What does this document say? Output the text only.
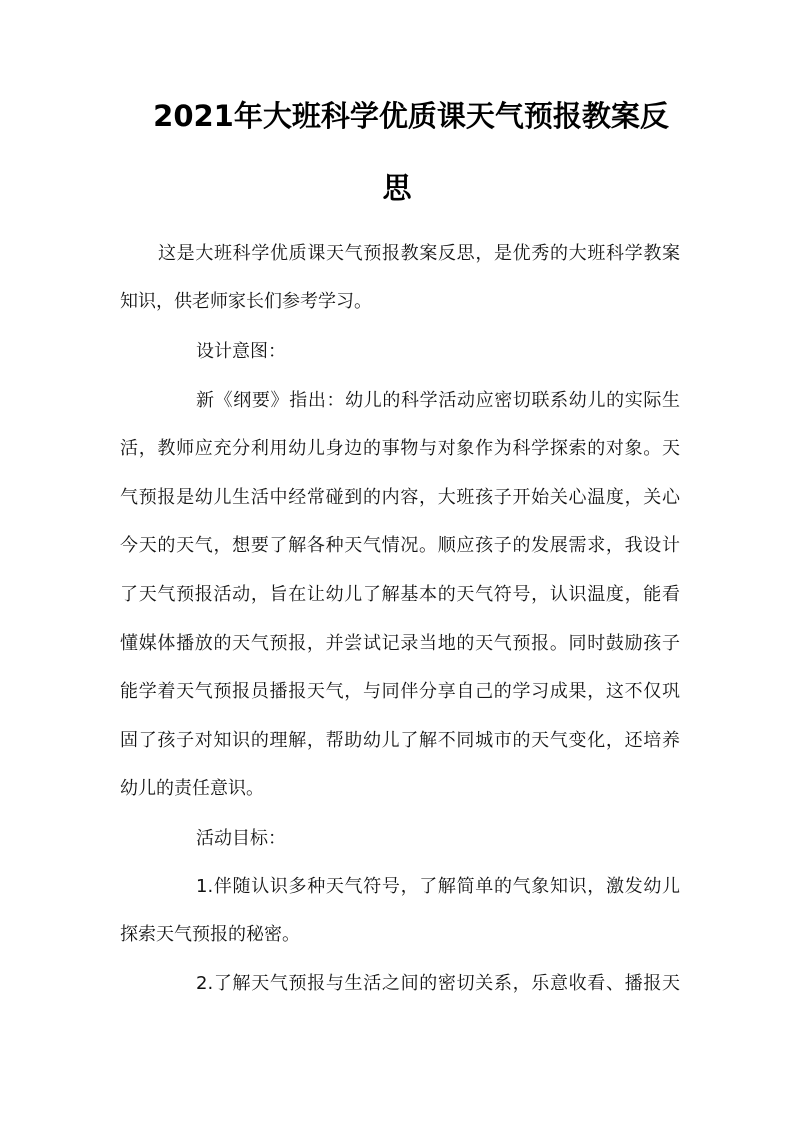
2021年大班科学优质课天气预报教案反
思
这是大班科学优质课天气预报教案反思，是优秀的大班科学教案
知识，供老师家长们参考学习。
设计意图：
新《纲要》指出：幼儿的科学活动应密切联系幼儿的实际生
活，教师应充分利用幼儿身边的事物与对象作为科学探索的对象。天
气预报是幼儿生活中经常碰到的内容，大班孩子开始关心温度，关心
今天的天气，想要了解各种天气情况。顺应孩子的发展需求，我设计
了天气预报活动，旨在让幼儿了解基本的天气符号，认识温度，能看
懂媒体播放的天气预报，并尝试记录当地的天气预报。同时鼓励孩子
能学着天气预报员播报天气，与同伴分享自己的学习成果，这不仅巩
固了孩子对知识的理解，帮助幼儿了解不同城市的天气变化，还培养
幼儿的责任意识。
活动目标：
1.伴随认识多种天气符号，了解简单的气象知识，激发幼儿
探索天气预报的秘密。
2.了解天气预报与生活之间的密切关系，乐意收看、播报天
